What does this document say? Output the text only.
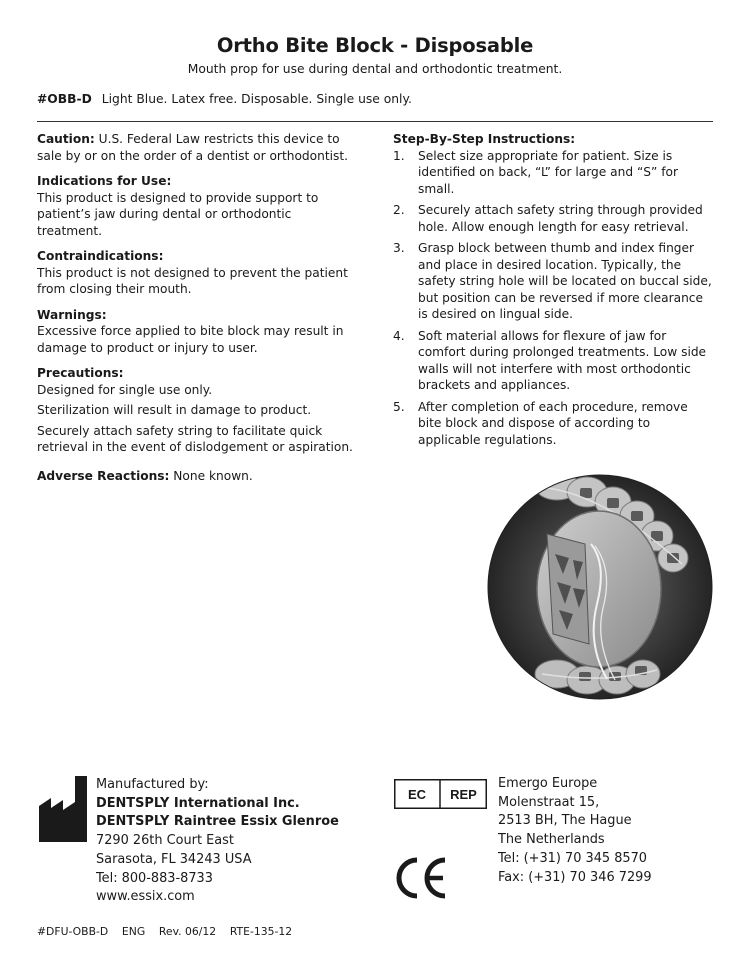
Ortho Bite Block - Disposable
Mouth prop for use during dental and orthodontic treatment.
#OBB-D Light Blue. Latex free. Disposable. Single use only.
Caution: U.S. Federal Law restricts this device to sale by or on the order of a dentist or orthodontist.
Indications for Use:
This product is designed to provide support to patient’s jaw during dental or orthodontic treatment.
Contraindications:
This product is not designed to prevent the patient from closing their mouth.
Warnings:
Excessive force applied to bite block may result in damage to product or injury to user.
Precautions:

Designed for single use only.

Sterilization will result in damage to product.

Securely attach safety string to facilitate quick retrieval in the event of dislodgement or aspiration.

Adverse Reactions: None known.
Step-By-Step Instructions:
1. Select size appropriate for patient. Size is identified on back, “L” for large and “S” for small.
2. Securely attach safety string through provided hole. Allow enough length for easy retrieval.
3. Grasp block between thumb and index finger and place in desired location. Typically, the safety string hole will be located on buccal side, but position can be reversed if more clearance is desired on lingual side.
4. Soft material allows for flexure of jaw for comfort during prolonged treatments. Low side walls will not interfere with most orthodontic brackets and appliances.
5. After completion of each procedure, remove bite block and dispose of according to applicable regulations.
Manufactured by:
DENTSPLY International Inc.
DENTSPLY Raintree Essix Glenroe
7290 26th Court East
Sarasota, FL 34243 USA
Tel: 800-883-8733
www.essix.com
EC REP
Emergo Europe
Molenstraat 15,
2513 BH, The Hague
The Netherlands
Tel: (+31) 70 345 8570
Fax: (+31) 70 346 7299
#DFU-OBB-D    ENG    Rev. 06/12    RTE-135-12
